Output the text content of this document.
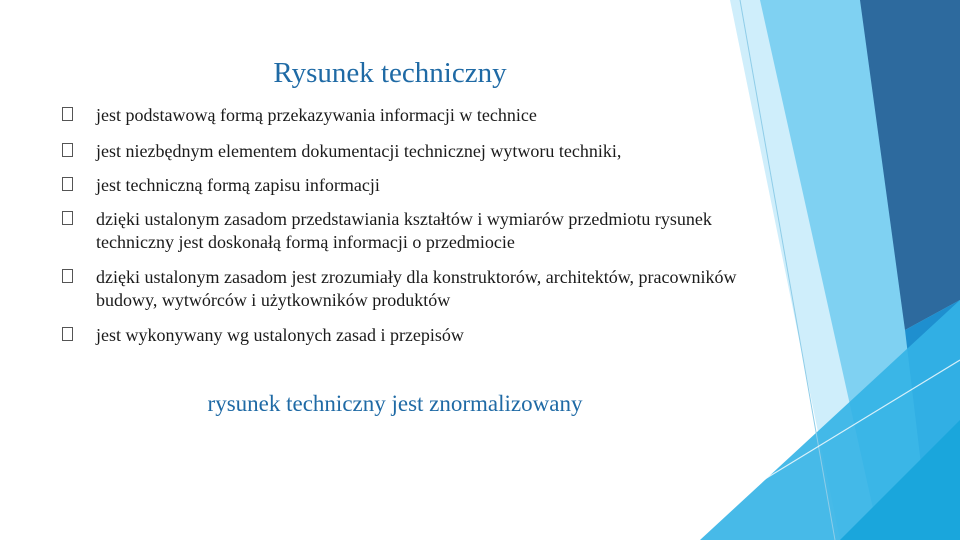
Rysunek techniczny
jest podstawową formą przekazywania informacji w technice
jest niezbędnym elementem dokumentacji technicznej wytworu techniki,
jest techniczną formą zapisu informacji
dzięki ustalonym zasadom przedstawiania kształtów i wymiarów przedmiotu rysunek techniczny jest doskonałą formą informacji o przedmiocie
dzięki ustalonym zasadom jest zrozumiały dla konstruktorów, architektów, pracowników budowy, wytwórców i użytkowników produktów
jest wykonywany wg ustalonych zasad i przepisów
rysunek techniczny jest znormalizowany
